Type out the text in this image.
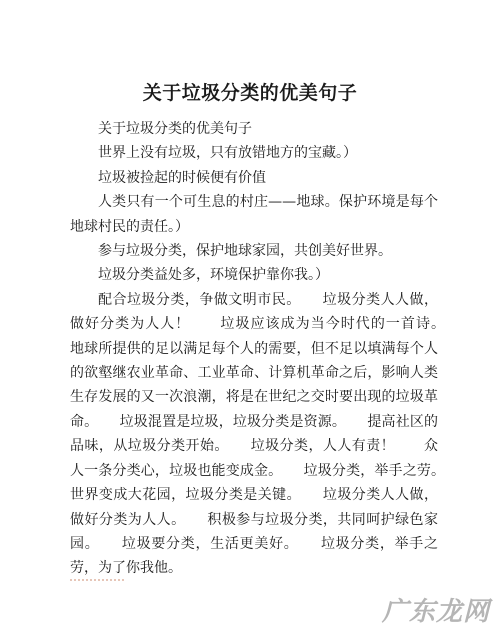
关于垃圾分类的优美句子

关于垃圾分类的优美句子

世界上没有垃圾，只有放错地方的宝藏。）

垃圾被捡起的时候便有价值

人类只有一个可生息的村庄——地球。保护环境是每个地球村民的责任。）

参与垃圾分类，保护地球家园，共创美好世界。

垃圾分类益处多，环境保护靠你我。）

配合垃圾分类，争做文明市民。　　垃圾分类人人做，做好分类为人人！　　垃圾应该成为当今时代的一首诗。　　地球所提供的足以满足每个人的需要，但不足以填满每个人的欲壑继农业革命、工业革命、计算机革命之后，影响人类生存发展的又一次浪潮，将是在世纪之交时要出现的垃圾革命。　　垃圾混置是垃圾，垃圾分类是资源。　　提高社区的品味，从垃圾分类开始。　　垃圾分类，人人有责！　　众人一条分类心，垃圾也能变成金。　　垃圾分类，举手之劳。　　世界变成大花园，垃圾分类是关键。　　垃圾分类人人做，做好分类为人人。　　积极参与垃圾分类，共同呵护绿色家园。　　垃圾要分类，生活更美好。　　垃圾分类，举手之劳，为了你我他。

广东龙网
